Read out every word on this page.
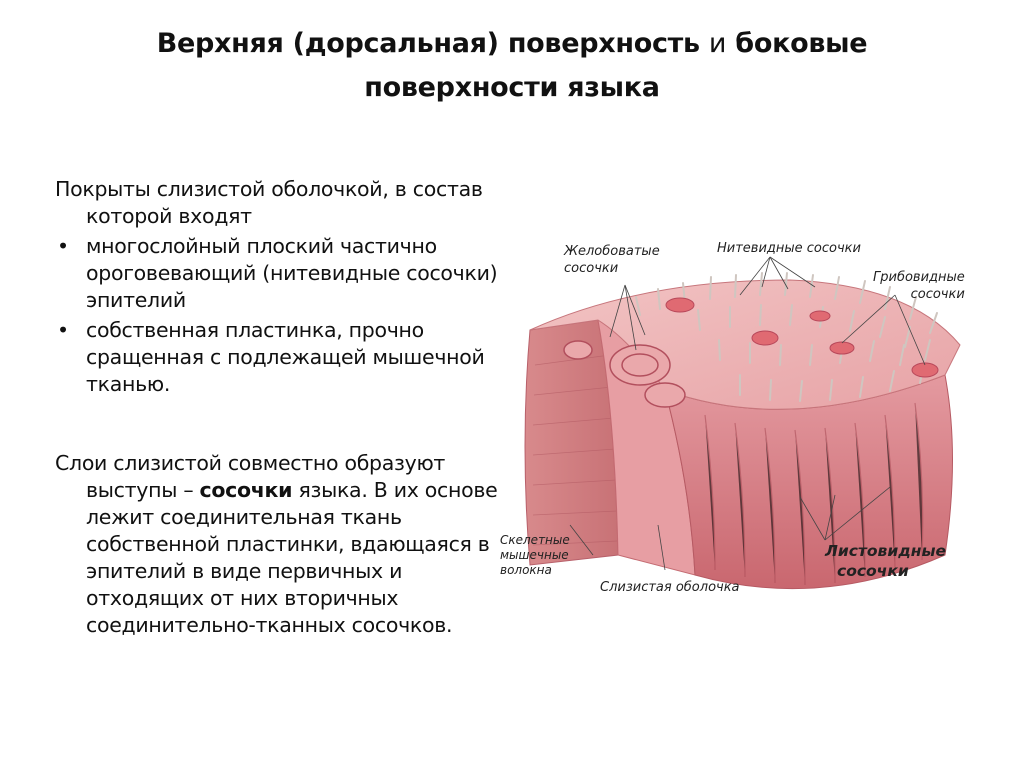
Верхняя (дорсальная) поверхность и боковые
поверхности языка

Покрыты слизистой оболочкой, в состав которой входят

• многослойный плоский частично ороговевающий (нитевидные сосочки) эпителий
• собственная пластинка, прочно сращенная с подлежащей мышечной тканью.

Слои слизистой совместно образуют выступы – сосочки языка. В их основе лежит соединительная ткань собственной пластинки, вдающаяся в эпителий в виде первичных и отходящих от них вторичных соединительно-тканных сосочков.

Желобоватые
сосочки
Нитевидные сосочки
Грибовидные
сосочки
Скелетные
мышечные
волокна
Слизистая оболочка
Листовидные
сосочки
